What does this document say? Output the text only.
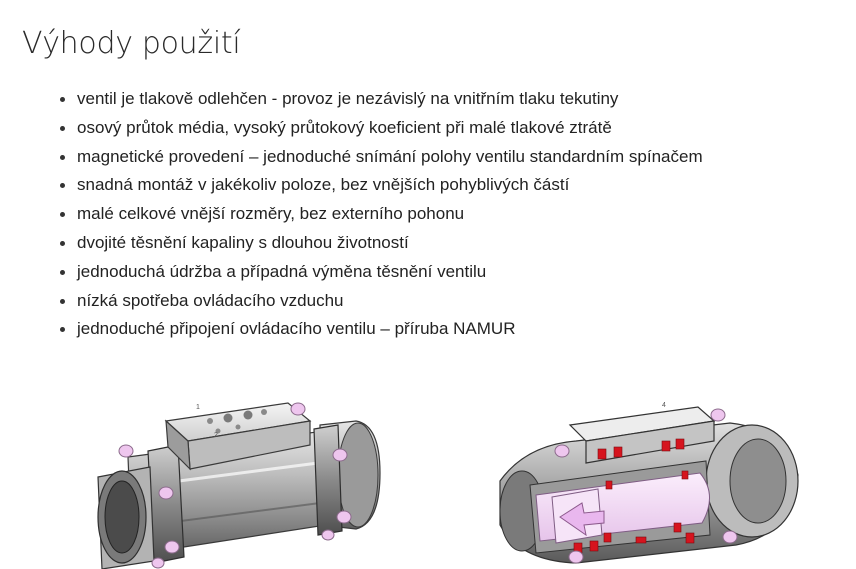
Výhody použití
ventil je tlakově odlehčen - provoz je nezávislý na vnitřním tlaku tekutiny
osový průtok média, vysoký průtokový koeficient při malé tlakové ztrátě
magnetické provedení – jednoduché snímání polohy ventilu standardním spínačem
snadná montáž v jakékoliv poloze, bez vnějších pohyblivých částí
malé celkové vnější rozměry, bez externího pohonu
dvojité těsnění kapaliny s dlouhou životností
jednoduchá údržba a případná výměna těsnění ventilu
nízká spotřeba ovládacího vzduchu
jednoduché připojení ovládacího ventilu – příruba NAMUR
1
2
4
